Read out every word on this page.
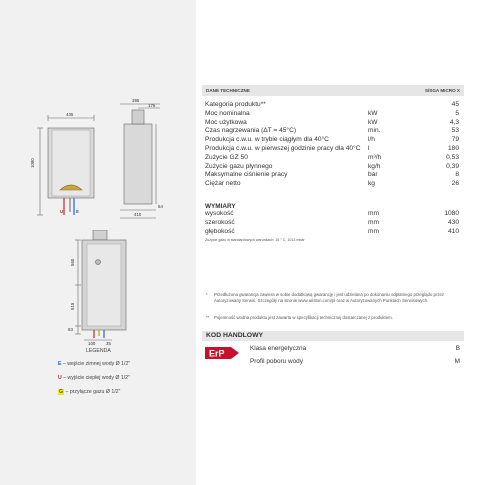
435
395
176
1080
410
64
U	E
560
515
83
100 35
LEGENDA
E – wejście zimnej wody Ø 1/2"
U – wyjście ciepłej wody Ø 1/2"
G – przyłącze gazu Ø 1/2"
DANE TECHNICZNE	S/SGA MICRO X
Kategoria produktu**	45
Moc nominalna	kW	5
Moc użytkowa	kW	4,3
Czas nagrzewania (ΔT = 45°C)	min.	53
Produkcja c.w.u. w trybie ciągłym dla 40°C	l/h	79
Produkcja c.w.u. w pierwszej godzinie pracy dla 40°C l	180
Zużycie GZ 50	m³/h	0,53
Zużycie gazu płynnego	kg/h	0,39
Maksymalne ciśnienie pracy	bar	8
Ciężar netto	kg	26
WYMIARY
wysokość	mm	1080
szerokość	mm	430
głębokość	mm	410
Zużycie gazu w standardowych warunkach: 15 ° C, 1013 mbar
* Przedłużona gwarancja zawiera w sobie dodatkową gwarancję i jest udzielana po dokonaniu odpłatnego przeglądu przez Autoryzowany Serwis. Szczegóły na stronie www.ariston.com/pl oraz w Autoryzowanych Punktach Serwisowych.
** Pojemność wodna produktu jest zawarta w specyfikacji technicznej dostarczanej z produktem.
KOD HANDLOWY
ErP	Klasa energetyczna	B
Profil poboru wody	M
